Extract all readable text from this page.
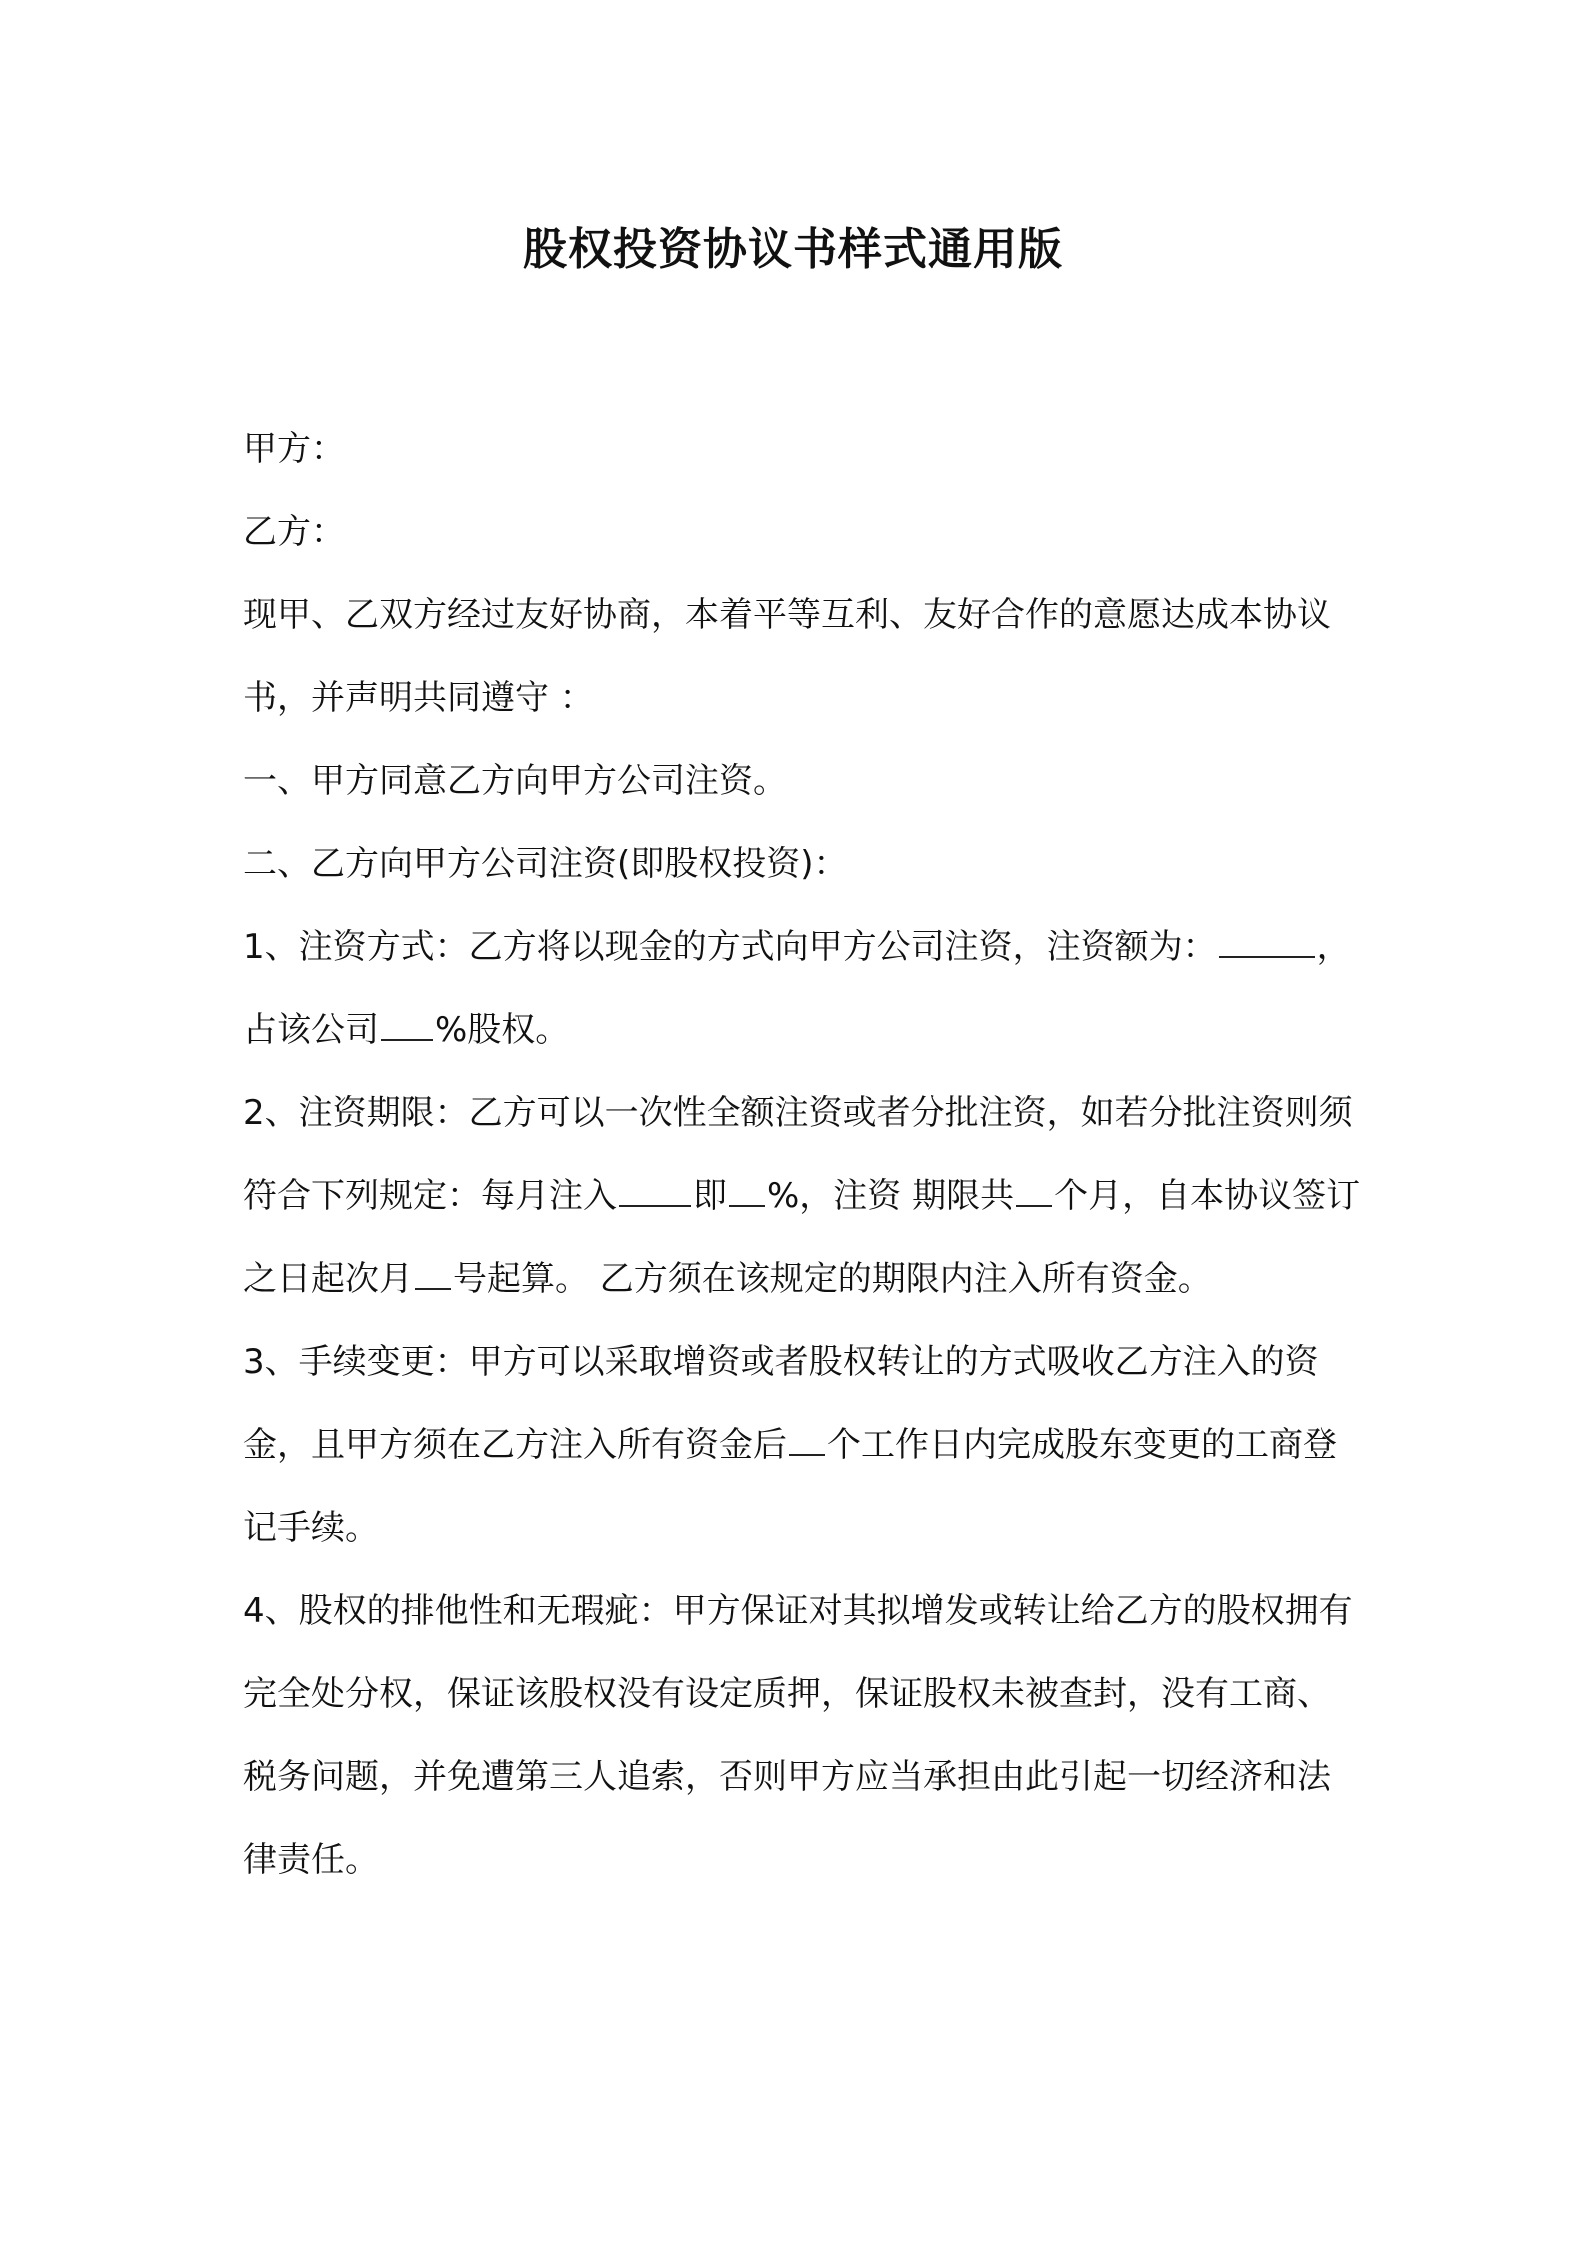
股权投资协议书样式通用版

甲方：

乙方：

现甲、乙双方经过友好协商，本着平等互利、友好合作的意愿达成本协议书，并声明共同遵守 ：

一、甲方同意乙方向甲方公司注资。

二、乙方向甲方公司注资(即股权投资)：

1、注资方式：乙方将以现金的方式向甲方公司注资，注资额为：	，占该公司 %股权。

2、注资期限：乙方可以一次性全额注资或者分批注资，如若分批注资则须符合下列规定：每月注入 即 %，注资 期限共 个月，自本协议签订之日起次月 号起算。 乙方须在该规定的期限内注入所有资金。

3、手续变更：甲方可以采取增资或者股权转让的方式吸收乙方注入的资金，且甲方须在乙方注入所有资金后 个工作日内完成股东变更的工商登记手续。

4、股权的排他性和无瑕疵：甲方保证对其拟增发或转让给乙方的股权拥有完全处分权，保证该股权没有设定质押，保证股权未被查封，没有工商、税务问题，并免遭第三人追索，否则甲方应当承担由此引起一切经济和法律责任。
